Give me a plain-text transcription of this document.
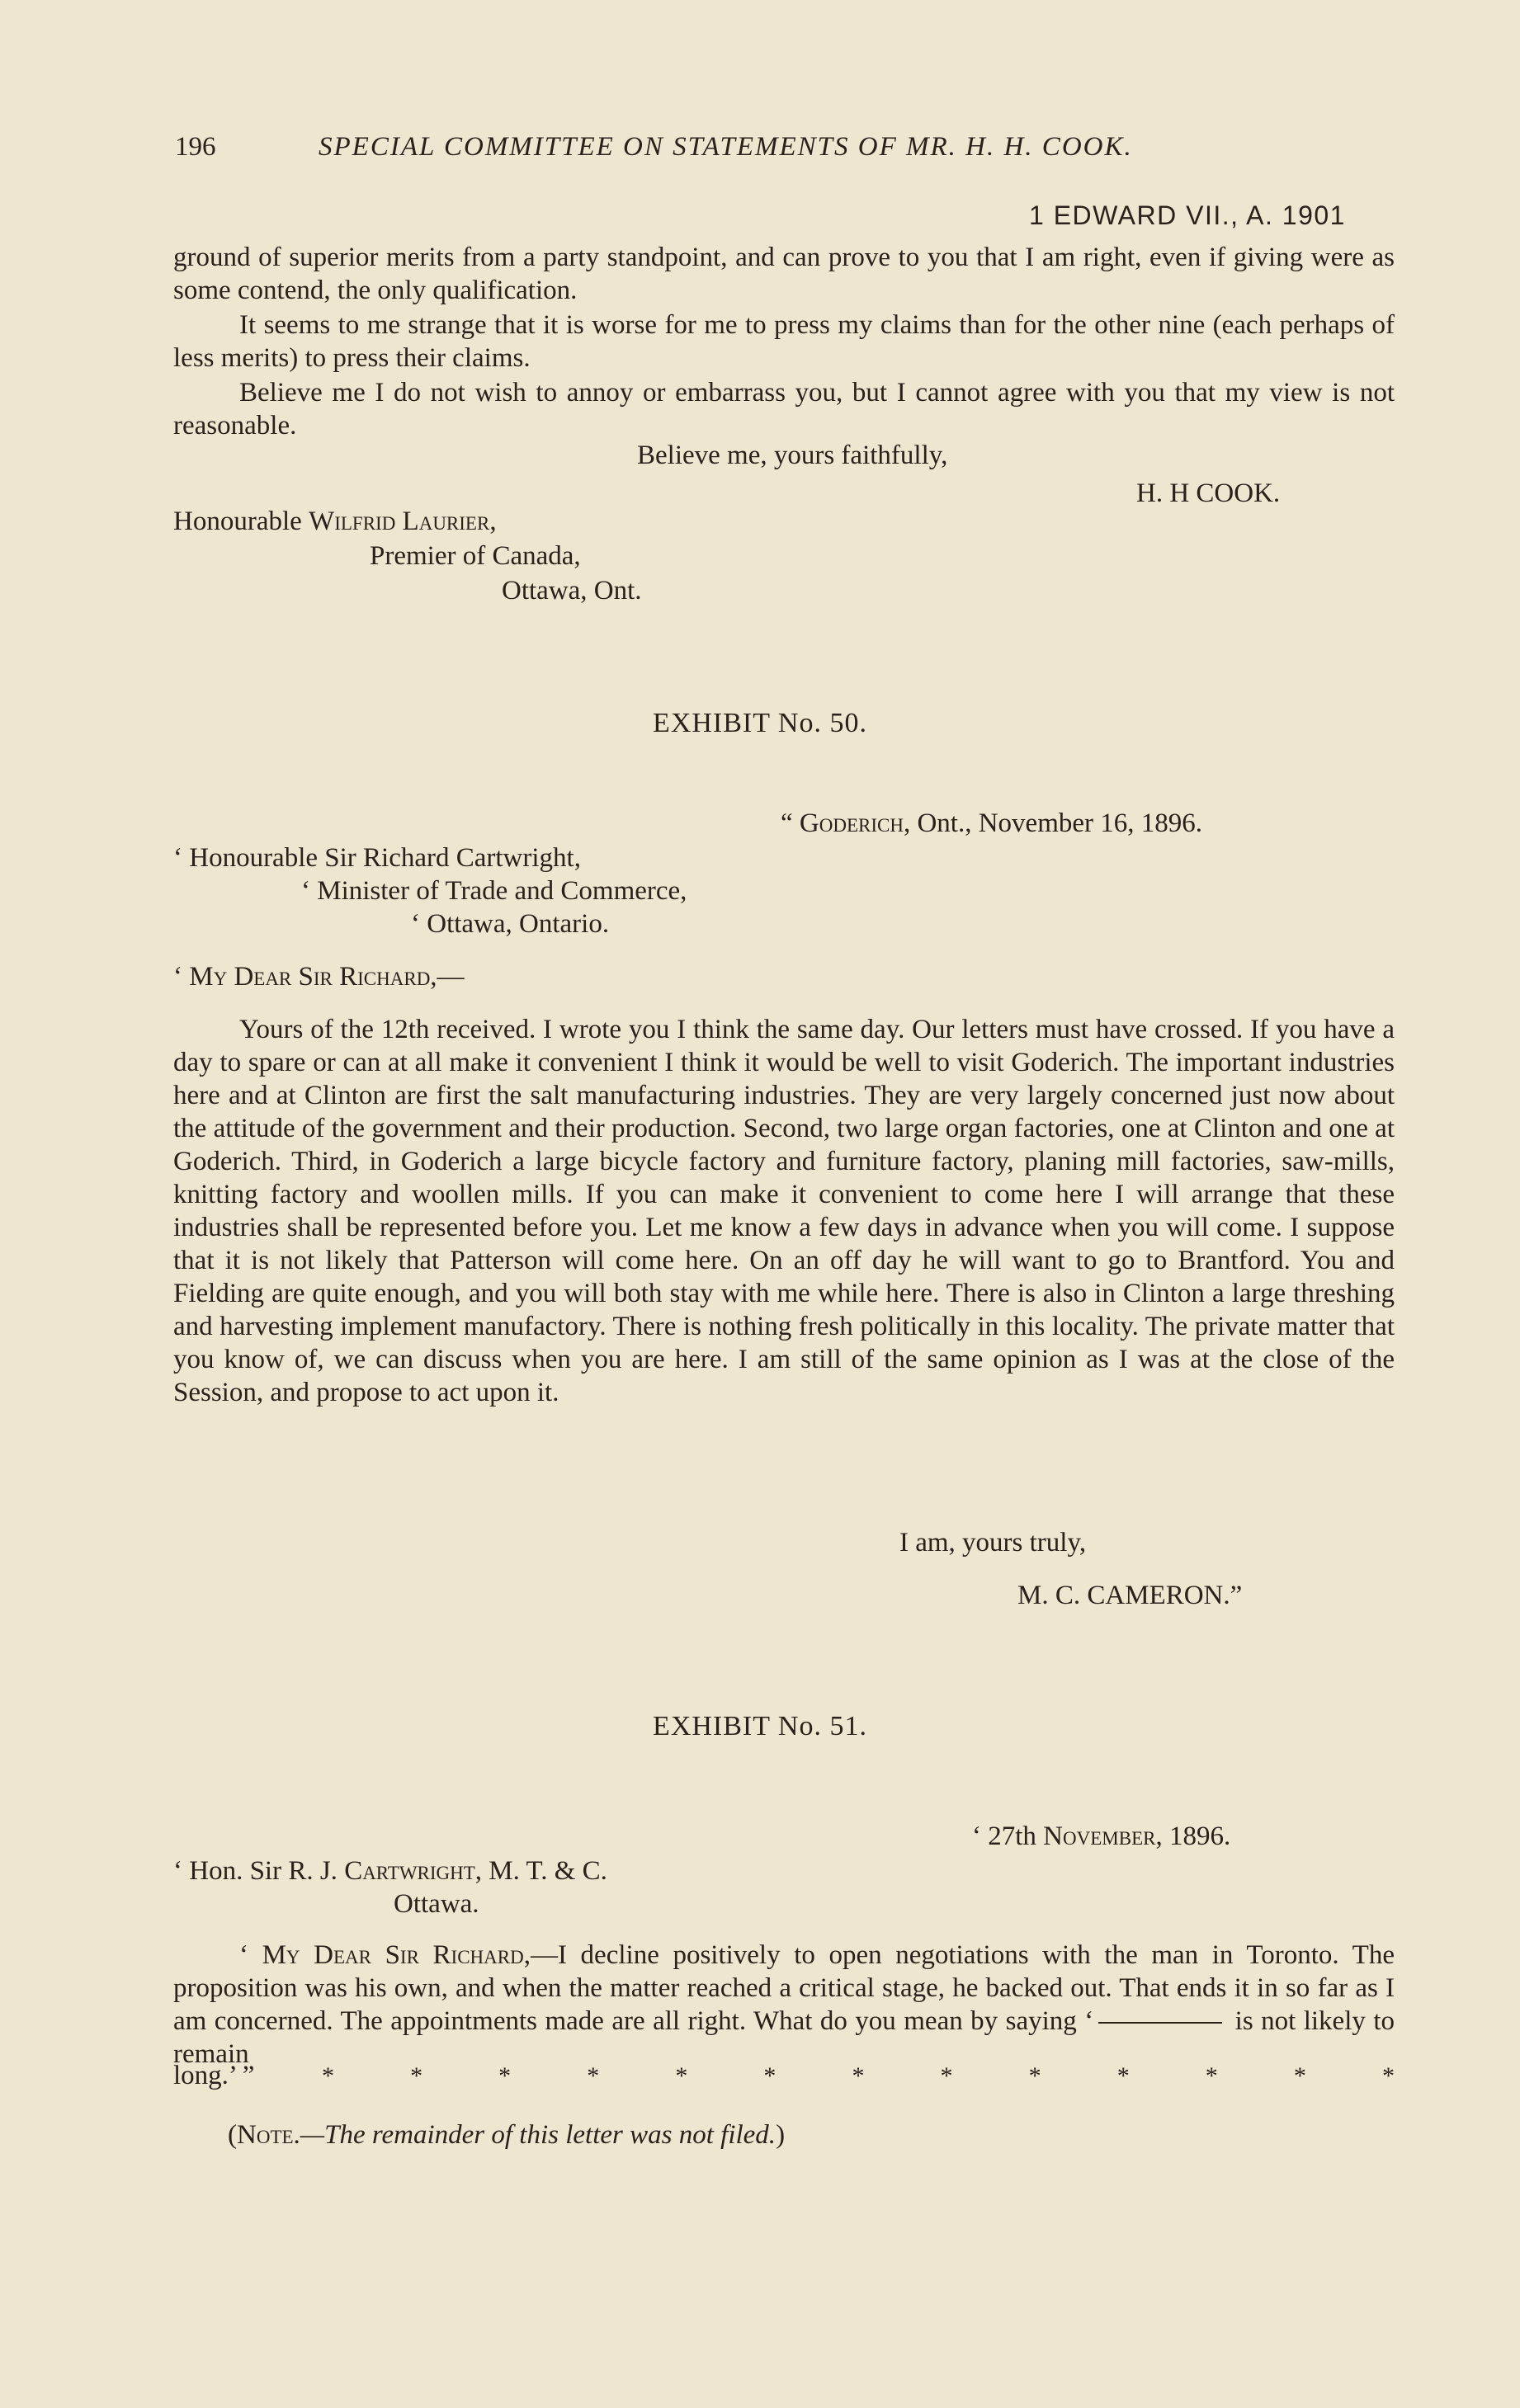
196	SPECIAL COMMITTEE ON STATEMENTS OF MR. H. H. COOK.
1 EDWARD VII., A. 1901

ground of superior merits from a party standpoint, and can prove to you that I am right, even if giving were as some contend, the only qualification.

It seems to me strange that it is worse for me to press my claims than for the other nine (each perhaps of less merits) to press their claims.

Believe me I do not wish to annoy or embarrass you, but I cannot agree with you that my view is not reasonable.

Believe me, yours faithfully,
H. H COOK.
Honourable Wilfrid Laurier,
Premier of Canada,
Ottawa, Ont.
EXHIBIT No. 50.
“ Goderich, Ont., November 16, 1896.
‘ Honourable Sir Richard Cartwright,
‘ Minister of Trade and Commerce,
‘ Ottawa, Ontario.
‘ My Dear Sir Richard,—

Yours of the 12th received. I wrote you I think the same day. Our letters must have crossed. If you have a day to spare or can at all make it convenient I think it would be well to visit Goderich. The important industries here and at Clinton are first the salt manufacturing industries. They are very largely concerned just now about the attitude of the government and their production. Second, two large organ factories, one at Clinton and one at Goderich. Third, in Goderich a large bicycle factory and furniture factory, planing mill factories, saw-mills, knitting factory and woollen mills. If you can make it convenient to come here I will arrange that these industries shall be represented before you. Let me know a few days in advance when you will come. I suppose that it is not likely that Patterson will come here. On an off day he will want to go to Brantford. You and Fielding are quite enough, and you will both stay with me while here. There is also in Clinton a large threshing and harvesting implement manufactory. There is nothing fresh politically in this locality. The private matter that you know of, we can discuss when you are here. I am still of the same opinion as I was at the close of the Session, and propose to act upon it.

I am, yours truly,
M. C. CAMERON.”
EXHIBIT No. 51.
‘ 27th November, 1896.
‘ Hon. Sir R. J. Cartwright, M. T. & C.
Ottawa.

‘ My Dear Sir Richard,—I decline positively to open negotiations with the man in Toronto. The proposition was his own, and when the matter reached a critical stage, he backed out. That ends it in so far as I am concerned. The appointments made are all right. What do you mean by saying ‘	is not likely to remain

long.’ ”	*	*	*	*	*	*	*	*	*	*	*	*	*
(Note.—The remainder of this letter was not filed.)
